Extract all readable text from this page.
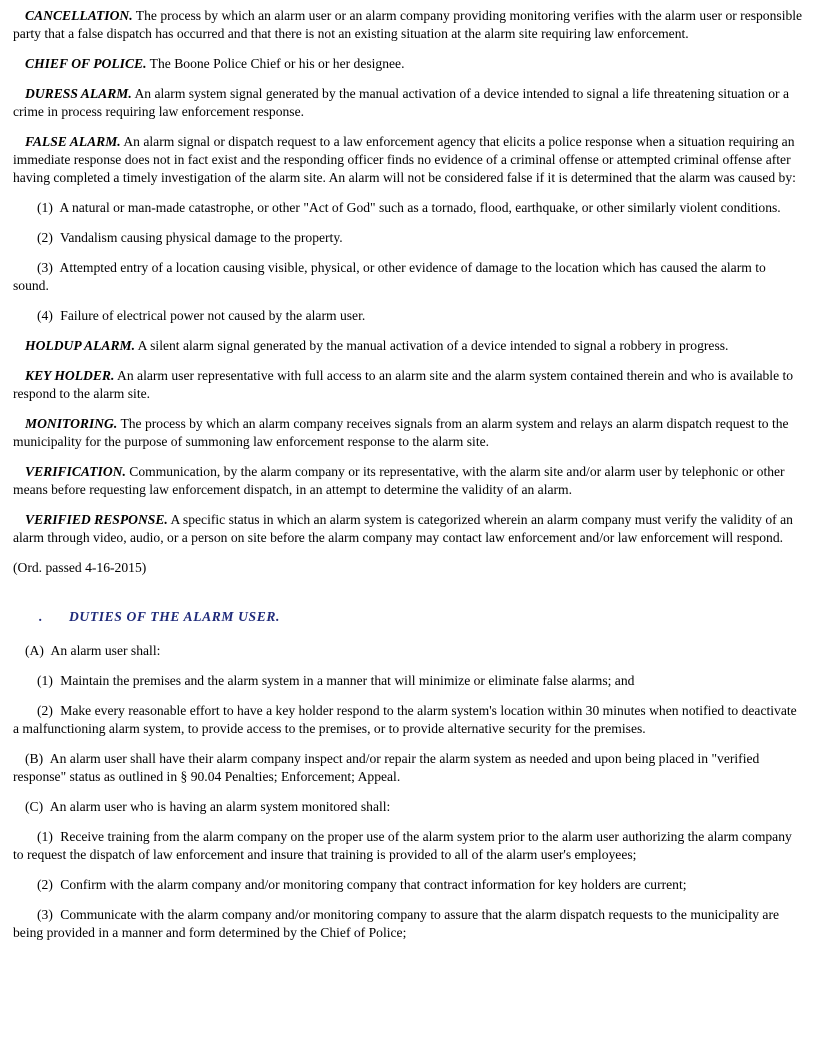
CANCELLATION. The process by which an alarm user or an alarm company providing monitoring verifies with the alarm user or responsible party that a false dispatch has occurred and that there is not an existing situation at the alarm site requiring law enforcement.

CHIEF OF POLICE. The Boone Police Chief or his or her designee.

DURESS ALARM. An alarm system signal generated by the manual activation of a device intended to signal a life threatening situation or a crime in process requiring law enforcement response.

FALSE ALARM. An alarm signal or dispatch request to a law enforcement agency that elicits a police response when a situation requiring an immediate response does not in fact exist and the responding officer finds no evidence of a criminal offense or attempted criminal offense after having completed a timely investigation of the alarm site. An alarm will not be considered false if it is determined that the alarm was caused by:

(1) A natural or man-made catastrophe, or other "Act of God" such as a tornado, flood, earthquake, or other similarly violent conditions.

(2) Vandalism causing physical damage to the property.

(3) Attempted entry of a location causing visible, physical, or other evidence of damage to the location which has caused the alarm to sound.

(4) Failure of electrical power not caused by the alarm user.

HOLDUP ALARM. A silent alarm signal generated by the manual activation of a device intended to signal a robbery in progress.

KEY HOLDER. An alarm user representative with full access to an alarm site and the alarm system contained therein and who is available to respond to the alarm site.

MONITORING. The process by which an alarm company receives signals from an alarm system and relays an alarm dispatch request to the municipality for the purpose of summoning law enforcement response to the alarm site.

VERIFICATION. Communication, by the alarm company or its representative, with the alarm site and/or alarm user by telephonic or other means before requesting law enforcement dispatch, in an attempt to determine the validity of an alarm.

VERIFIED RESPONSE. A specific status in which an alarm system is categorized wherein an alarm company must verify the validity of an alarm through video, audio, or a person on site before the alarm company may contact law enforcement and/or law enforcement will respond.

(Ord. passed 4-16-2015)

. DUTIES OF THE ALARM USER.

(A) An alarm user shall:

(1) Maintain the premises and the alarm system in a manner that will minimize or eliminate false alarms; and

(2) Make every reasonable effort to have a key holder respond to the alarm system's location within 30 minutes when notified to deactivate a malfunctioning alarm system, to provide access to the premises, or to provide alternative security for the premises.

(B) An alarm user shall have their alarm company inspect and/or repair the alarm system as needed and upon being placed in "verified response" status as outlined in § 90.04 Penalties; Enforcement; Appeal.

(C) An alarm user who is having an alarm system monitored shall:

(1) Receive training from the alarm company on the proper use of the alarm system prior to the alarm user authorizing the alarm company to request the dispatch of law enforcement and insure that training is provided to all of the alarm user's employees;

(2) Confirm with the alarm company and/or monitoring company that contract information for key holders are current;

(3) Communicate with the alarm company and/or monitoring company to assure that the alarm dispatch requests to the municipality are being provided in a manner and form determined by the Chief of Police;
